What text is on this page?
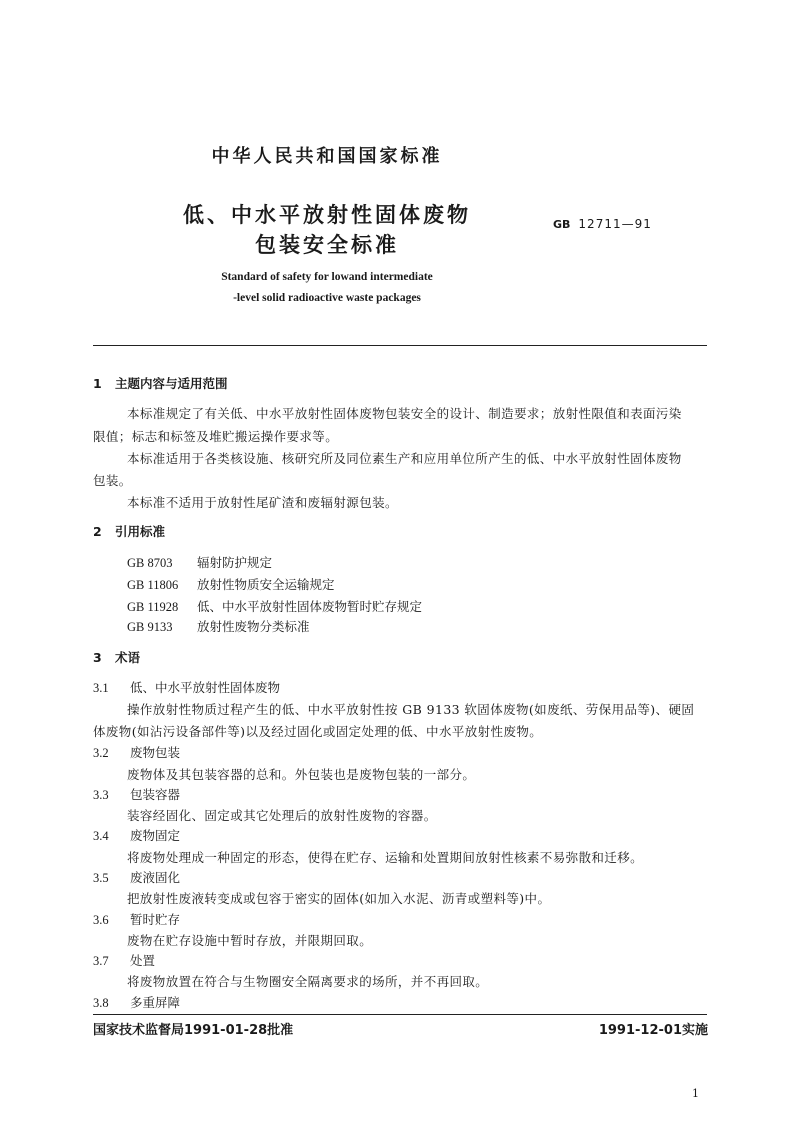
中华人民共和国国家标准
低、中水平放射性固体废物
包装安全标准
GB 12711—91
Standard of safety for lowand intermediate
-level solid radioactive waste packages
1 主题内容与适用范围
本标准规定了有关低、中水平放射性固体废物包装安全的设计、制造要求；放射性限值和表面污染
限值；标志和标签及堆贮搬运操作要求等。
本标准适用于各类核设施、核研究所及同位素生产和应用单位所产生的低、中水平放射性固体废物
包装。
本标准不适用于放射性尾矿渣和废辐射源包装。
2 引用标准
GB 8703 辐射防护规定
GB 11806 放射性物质安全运输规定
GB 11928 低、中水平放射性固体废物暂时贮存规定
GB 9133 放射性废物分类标准
3 术语
3.1 低、中水平放射性固体废物
操作放射性物质过程产生的低、中水平放射性按 GB 9133 软固体废物(如废纸、劳保用品等)、硬固
体废物(如沾污设备部件等)以及经过固化或固定处理的低、中水平放射性废物。
3.2 废物包装
废物体及其包装容器的总和。外包装也是废物包装的一部分。
3.3 包装容器
装容经固化、固定或其它处理后的放射性废物的容器。
3.4 废物固定
将废物处理成一种固定的形态，使得在贮存、运输和处置期间放射性核素不易弥散和迁移。
3.5 废液固化
把放射性废液转变成或包容于密实的固体(如加入水泥、沥青或塑料等)中。
3.6 暂时贮存
废物在贮存设施中暂时存放，并限期回取。
3.7 处置
将废物放置在符合与生物圈安全隔离要求的场所，并不再回取。
3.8 多重屏障
国家技术监督局1991-01-28批准	1991-12-01实施
1
